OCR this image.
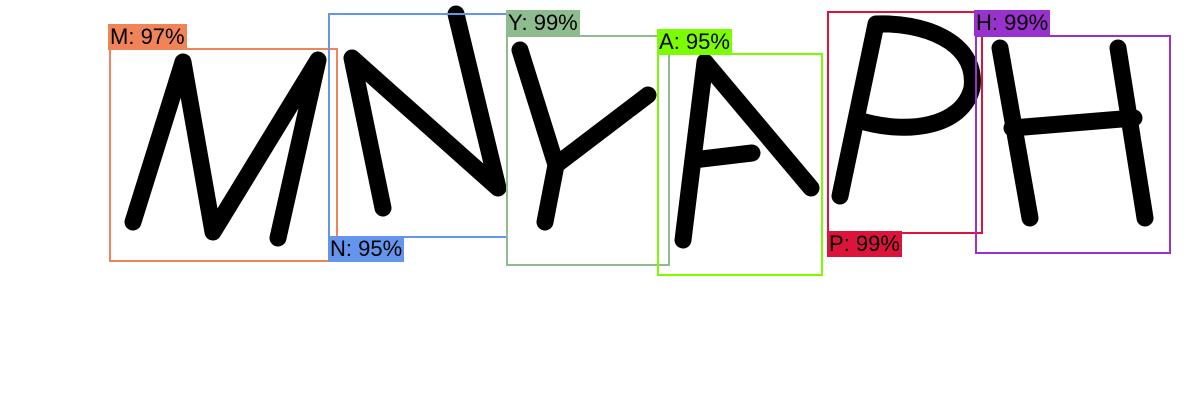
M: 97%
N: 95%
Y: 99%
A: 95%
P: 99%
H: 99%
